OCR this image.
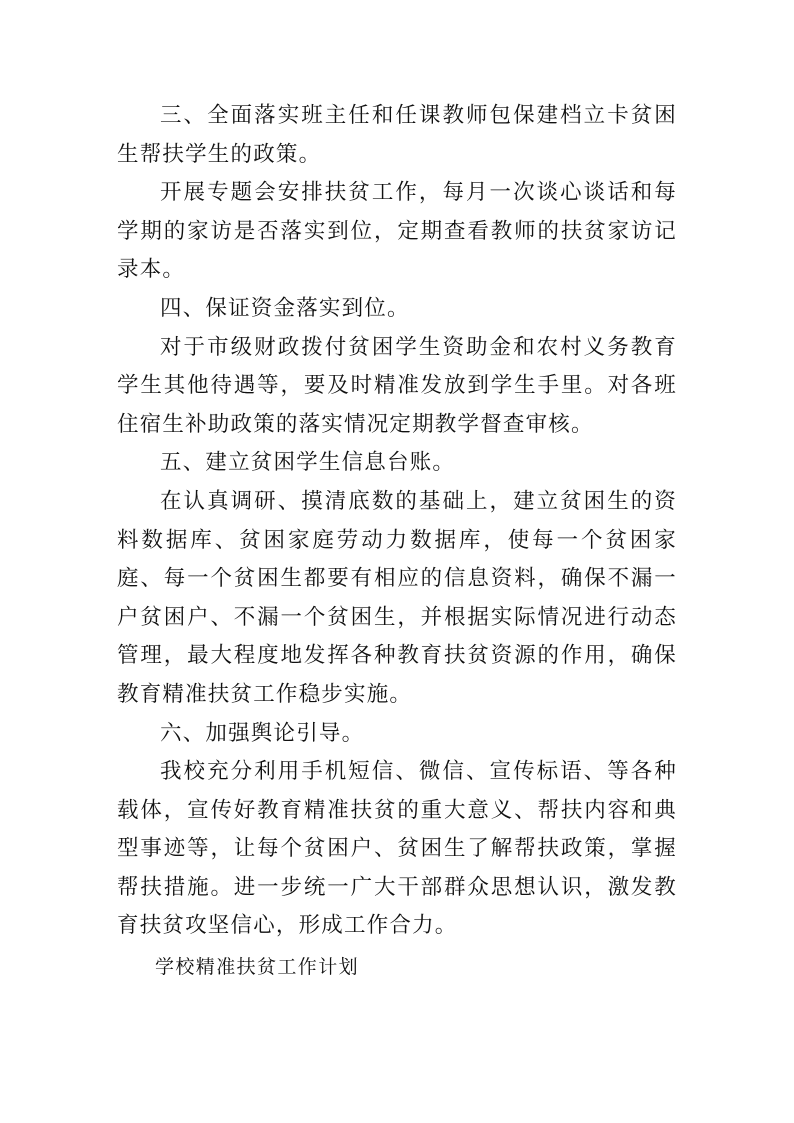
三、全面落实班主任和任课教师包保建档立卡贫困生帮扶学生的政策。

开展专题会安排扶贫工作，每月一次谈心谈话和每学期的家访是否落实到位，定期查看教师的扶贫家访记录本。

四、保证资金落实到位。

对于市级财政拨付贫困学生资助金和农村义务教育学生其他待遇等，要及时精准发放到学生手里。对各班住宿生补助政策的落实情况定期教学督查审核。

五、建立贫困学生信息台账。

在认真调研、摸清底数的基础上，建立贫困生的资料数据库、贫困家庭劳动力数据库，使每一个贫困家庭、每一个贫困生都要有相应的信息资料，确保不漏一户贫困户、不漏一个贫困生，并根据实际情况进行动态管理，最大程度地发挥各种教育扶贫资源的作用，确保教育精准扶贫工作稳步实施。

六、加强舆论引导。

我校充分利用手机短信、微信、宣传标语、等各种载体，宣传好教育精准扶贫的重大意义、帮扶内容和典型事迹等，让每个贫困户、贫困生了解帮扶政策，掌握帮扶措施。进一步统一广大干部群众思想认识，激发教育扶贫攻坚信心，形成工作合力。

学校精准扶贫工作计划
